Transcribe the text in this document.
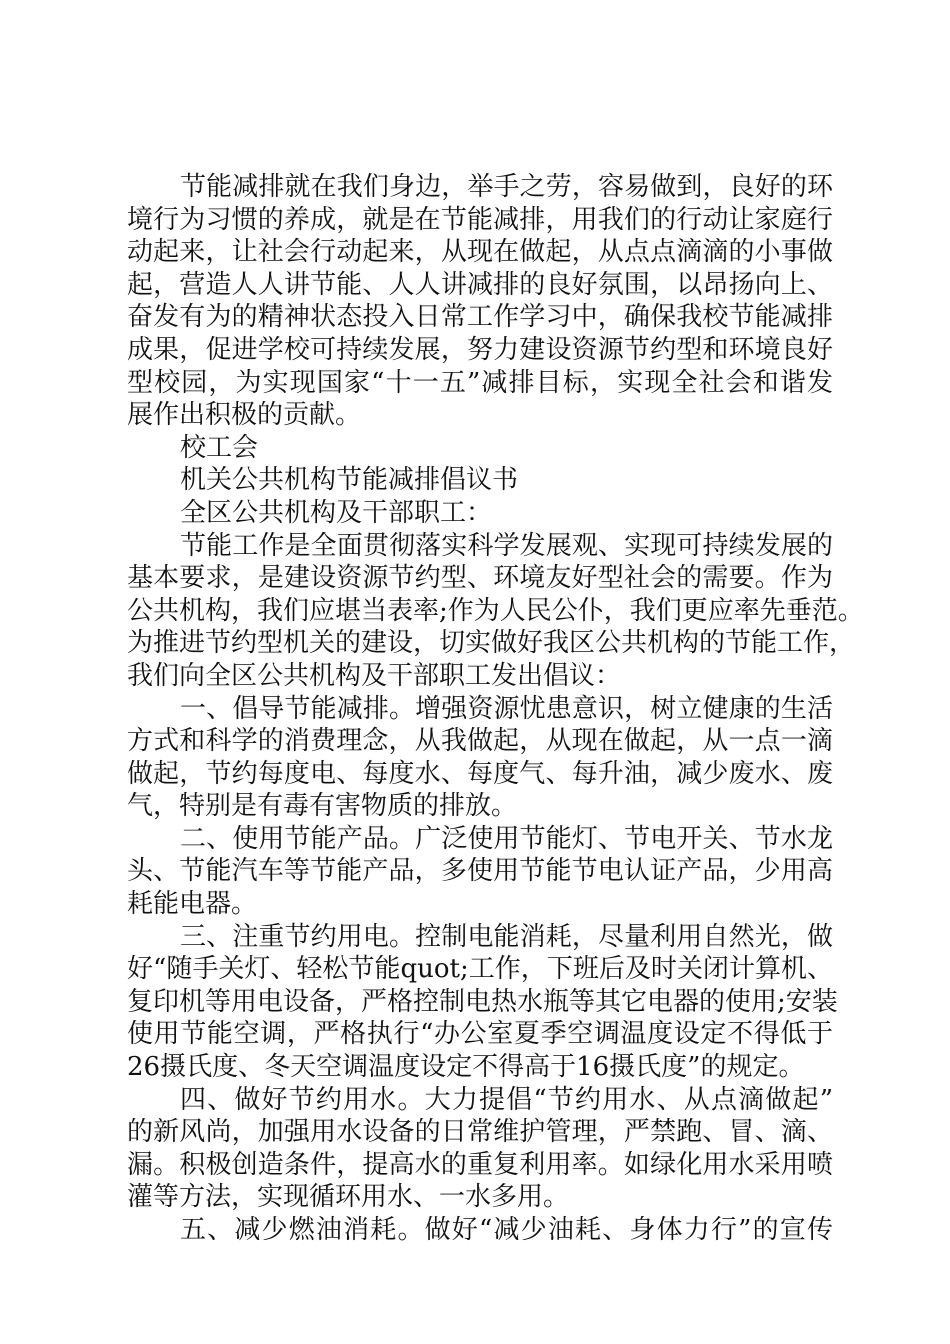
节能减排就在我们身边，举手之劳，容易做到，良好的环
境行为习惯的养成，就是在节能减排，用我们的行动让家庭行
动起来，让社会行动起来，从现在做起，从点点滴滴的小事做
起，营造人人讲节能、人人讲减排的良好氛围，以昂扬向上、
奋发有为的精神状态投入日常工作学习中，确保我校节能减排
成果，促进学校可持续发展，努力建设资源节约型和环境良好
型校园，为实现国家“十一五”减排目标，实现全社会和谐发
展作出积极的贡献。
校工会
机关公共机构节能减排倡议书
全区公共机构及干部职工：
节能工作是全面贯彻落实科学发展观、实现可持续发展的
基本要求，是建设资源节约型、环境友好型社会的需要。作为
公共机构，我们应堪当表率;作为人民公仆，我们更应率先垂范。
为推进节约型机关的建设，切实做好我区公共机构的节能工作，
我们向全区公共机构及干部职工发出倡议：
一、倡导节能减排。增强资源忧患意识，树立健康的生活
方式和科学的消费理念，从我做起，从现在做起，从一点一滴
做起，节约每度电、每度水、每度气、每升油，减少废水、废
气，特别是有毒有害物质的排放。
二、使用节能产品。广泛使用节能灯、节电开关、节水龙
头、节能汽车等节能产品，多使用节能节电认证产品，少用高
耗能电器。
三、注重节约用电。控制电能消耗，尽量利用自然光，做
好“随手关灯、轻松节能quot;工作，下班后及时关闭计算机、
复印机等用电设备，严格控制电热水瓶等其它电器的使用;安装
使用节能空调，严格执行“办公室夏季空调温度设定不得低于
26摄氏度、冬天空调温度设定不得高于16摄氏度”的规定。
四、做好节约用水。大力提倡“节约用水、从点滴做起”
的新风尚，加强用水设备的日常维护管理，严禁跑、冒、滴、
漏。积极创造条件，提高水的重复利用率。如绿化用水采用喷
灌等方法，实现循环用水、一水多用。
五、减少燃油消耗。做好“减少油耗、身体力行”的宣传
